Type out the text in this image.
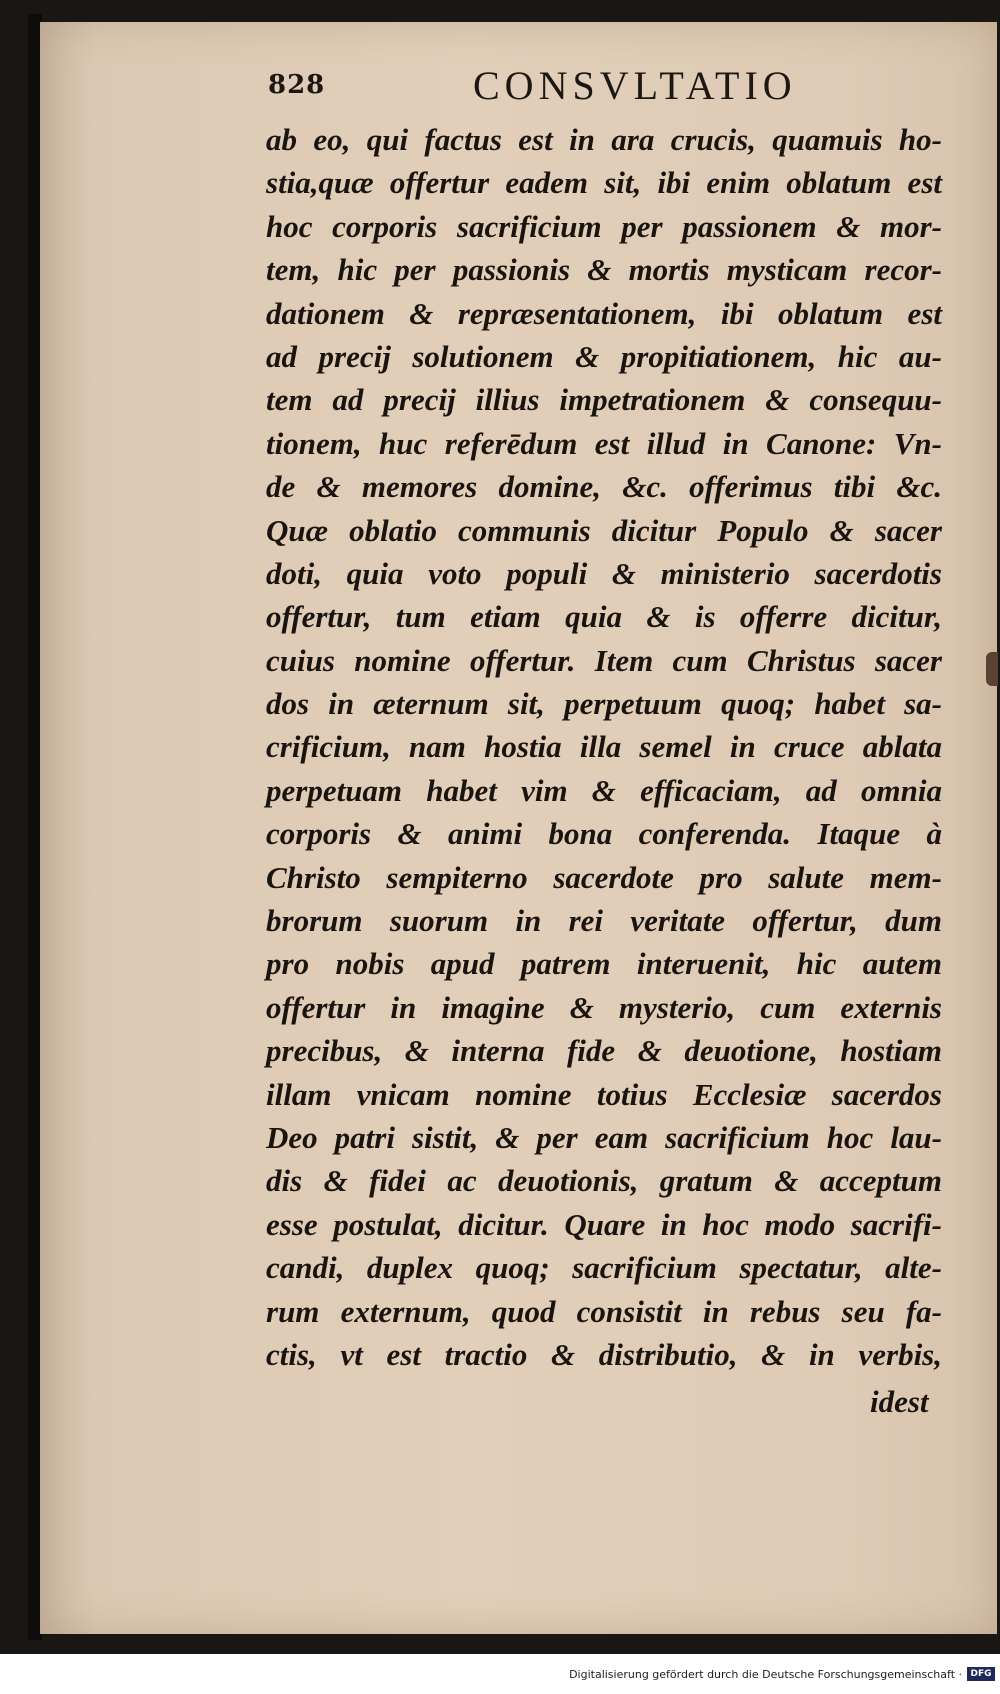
828	CONSVLTATIO
ab eo, qui factus est in ara crucis, quamuis ho-
stia,quæ offertur eadem sit, ibi enim oblatum est
hoc corporis sacrificium per passionem & mor-
tem, hic per passionis & mortis mysticam recor-
dationem & repræsentationem, ibi oblatum est
ad precij solutionem & propitiationem, hic au-
tem ad precij illius impetrationem & consequu-
tionem, huc referēdum est illud in Canone: Vn-
de & memores domine, &c. offerimus tibi &c.
Quæ oblatio communis dicitur Populo & sacer
doti, quia voto populi & ministerio sacerdotis
offertur, tum etiam quia & is offerre dicitur,
cuius nomine offertur. Item cum Christus sacer
dos in æternum sit, perpetuum quoq; habet sa-
crificium, nam hostia illa semel in cruce ablata
perpetuam habet vim & efficaciam, ad omnia
corporis & animi bona conferenda. Itaque à
Christo sempiterno sacerdote pro salute mem-
brorum suorum in rei veritate offertur, dum
pro nobis apud patrem interuenit, hic autem
offertur in imagine & mysterio, cum externis
precibus, & interna fide & deuotione, hostiam
illam vnicam nomine totius Ecclesiæ sacerdos
Deo patri sistit, & per eam sacrificium hoc lau-
dis & fidei ac deuotionis, gratum & acceptum
esse postulat, dicitur. Quare in hoc modo sacrifi-
candi, duplex quoq; sacrificium spectatur, alte-
rum externum, quod consistit in rebus seu fa-
ctis, vt est tractio & distributio, & in verbis,
idest
Digitalisierung gefördert durch die Deutsche Forschungsgemeinschaft · DFG
